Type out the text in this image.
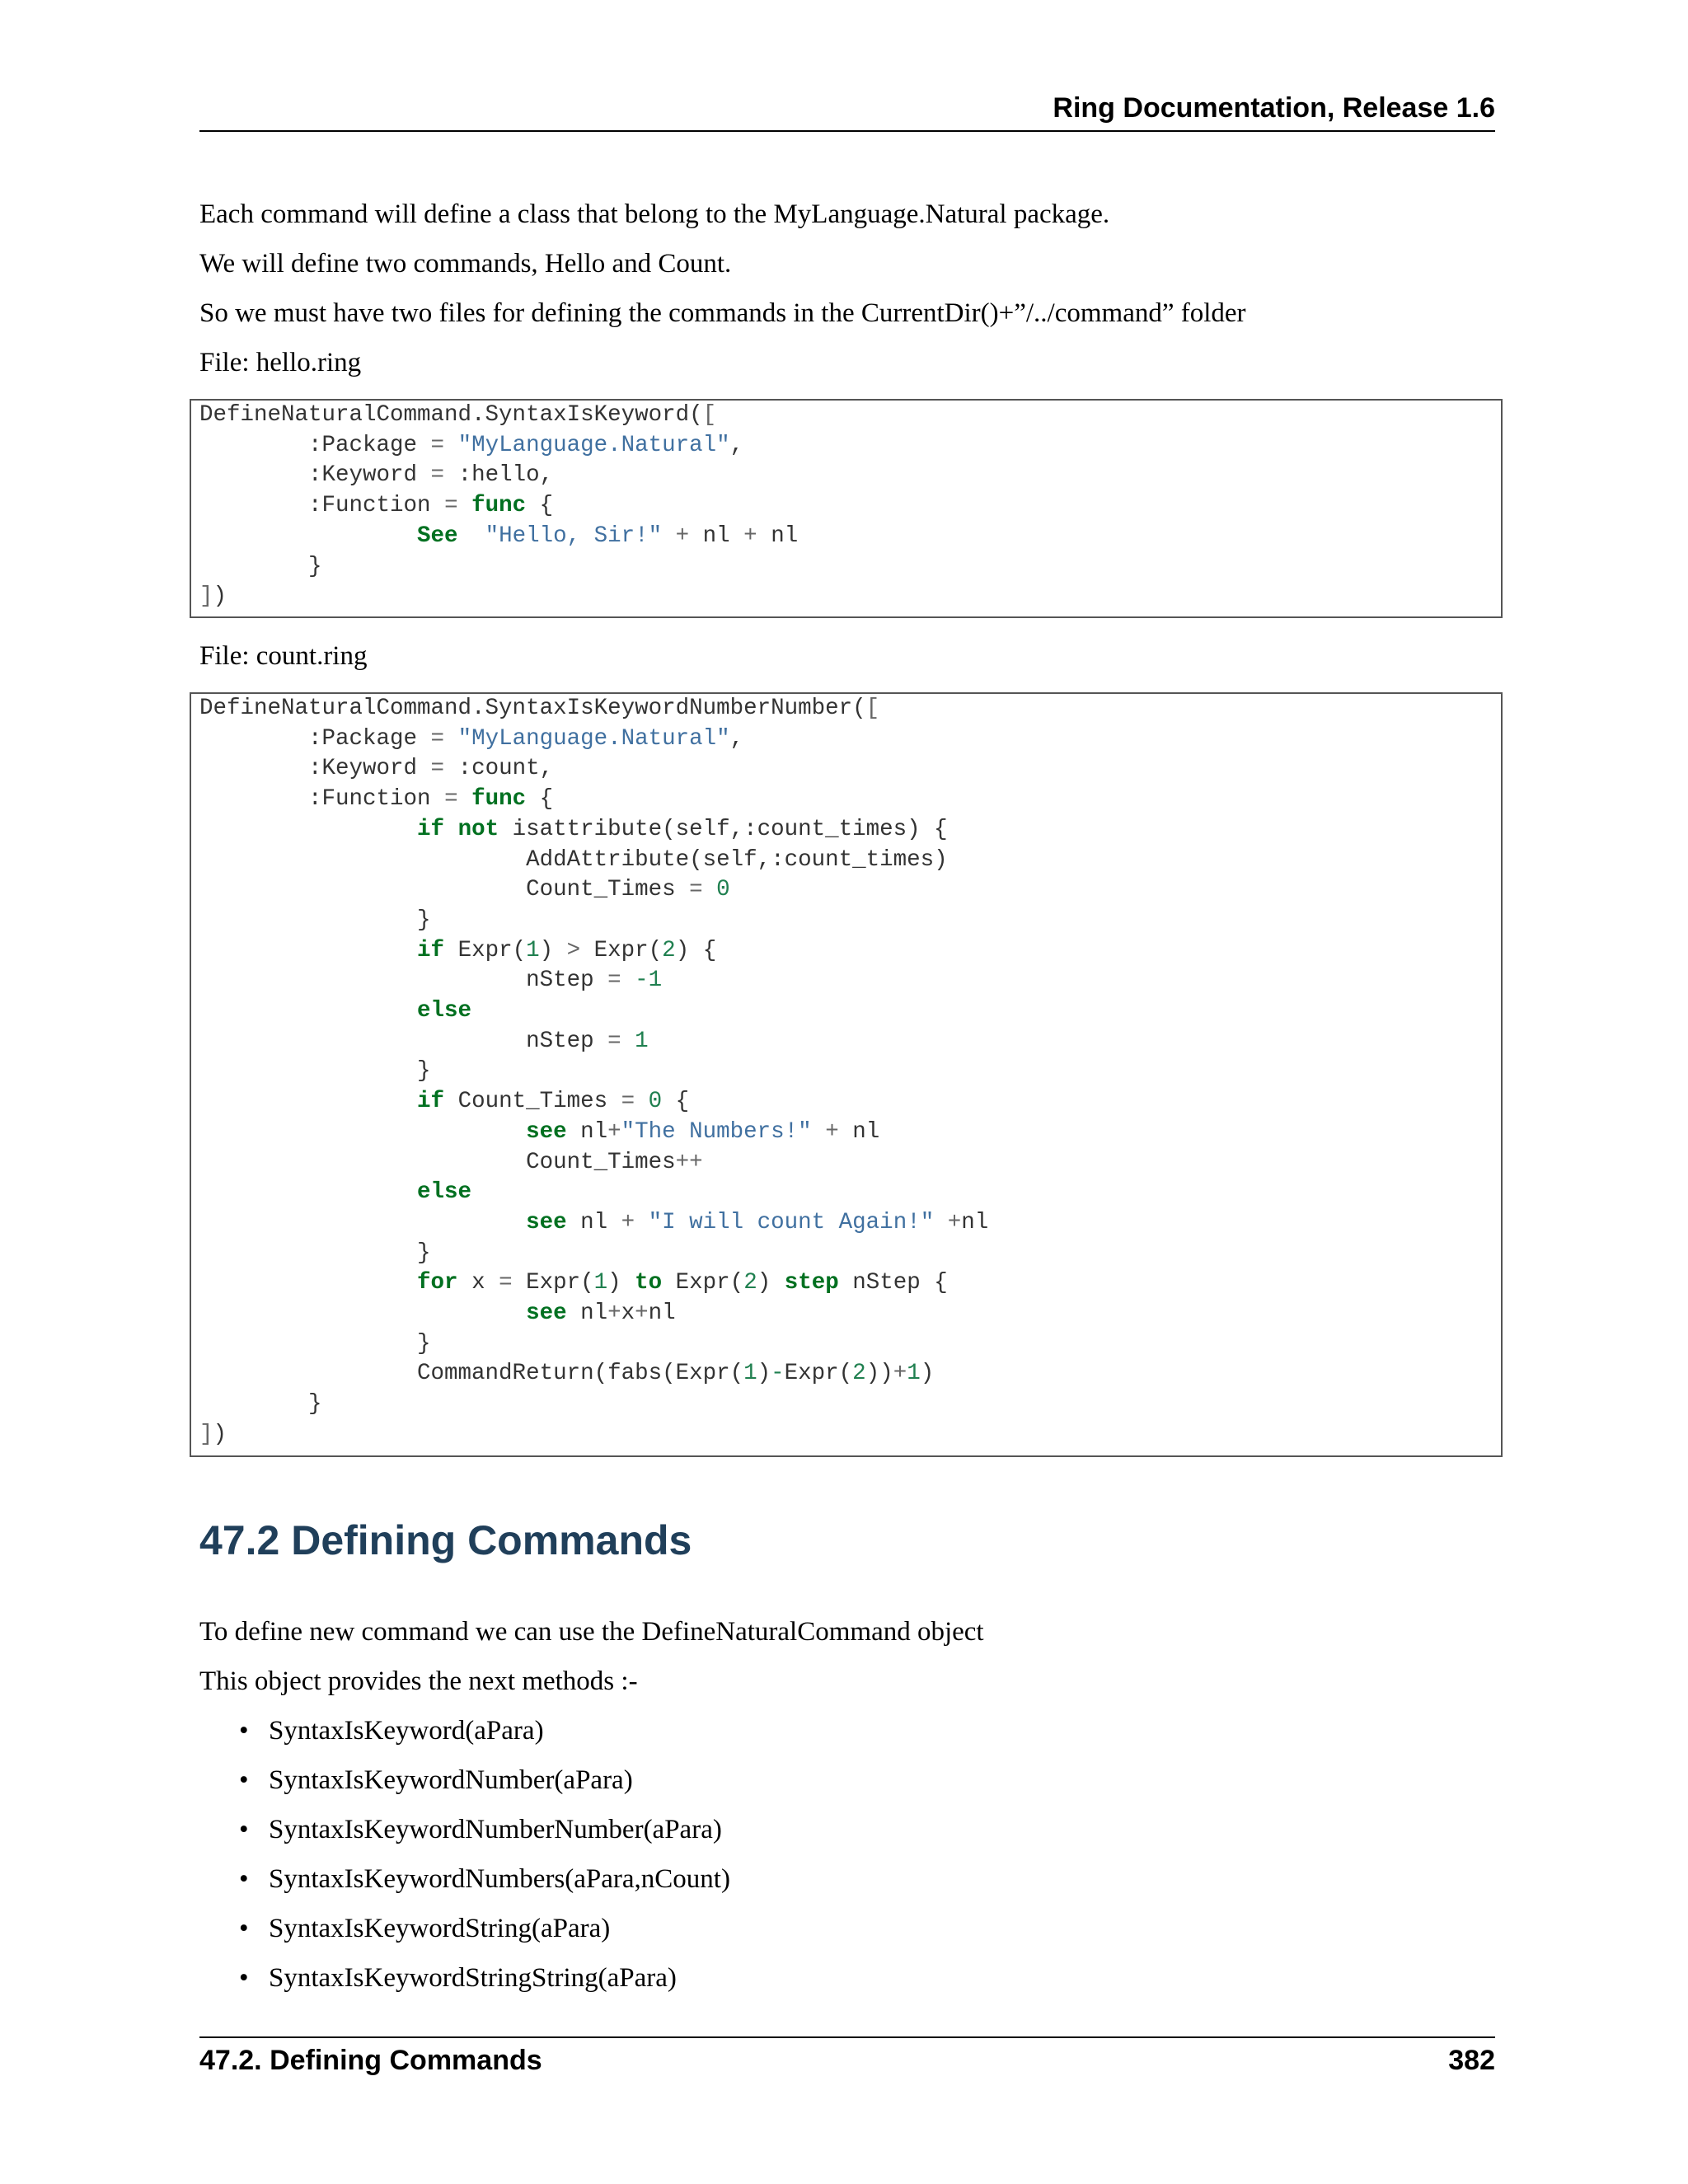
Ring Documentation, Release 1.6

Each command will define a class that belong to the MyLanguage.Natural package.

We will define two commands, Hello and Count.

So we must have two files for defining the commands in the CurrentDir()+”/../command” folder

File: hello.ring

DefineNaturalCommand.SyntaxIsKeyword([
:Package = "MyLanguage.Natural",
:Keyword = :hello,
:Function = func {
See "Hello, Sir!" + nl + nl
}
])

File: count.ring

DefineNaturalCommand.SyntaxIsKeywordNumberNumber([
:Package = "MyLanguage.Natural",
:Keyword = :count,
:Function = func {
if not isattribute(self,:count_times) {
AddAttribute(self,:count_times)
Count_Times = 0
}
if Expr(1) > Expr(2) {
nStep = -1
else
nStep = 1
}
if Count_Times = 0 {
see nl+"The Numbers!" + nl
Count_Times++
else
see nl + "I will count Again!" +nl
}
for x = Expr(1) to Expr(2) step nStep {
see nl+x+nl
}
CommandReturn(fabs(Expr(1)-Expr(2))+1)
}
])
47.2 Defining Commands

To define new command we can use the DefineNaturalCommand object

This object provides the next methods :-

• SyntaxIsKeyword(aPara)
• SyntaxIsKeywordNumber(aPara)
• SyntaxIsKeywordNumberNumber(aPara)
• SyntaxIsKeywordNumbers(aPara,nCount)
• SyntaxIsKeywordString(aPara)
• SyntaxIsKeywordStringString(aPara)
47.2. Defining Commands	382
